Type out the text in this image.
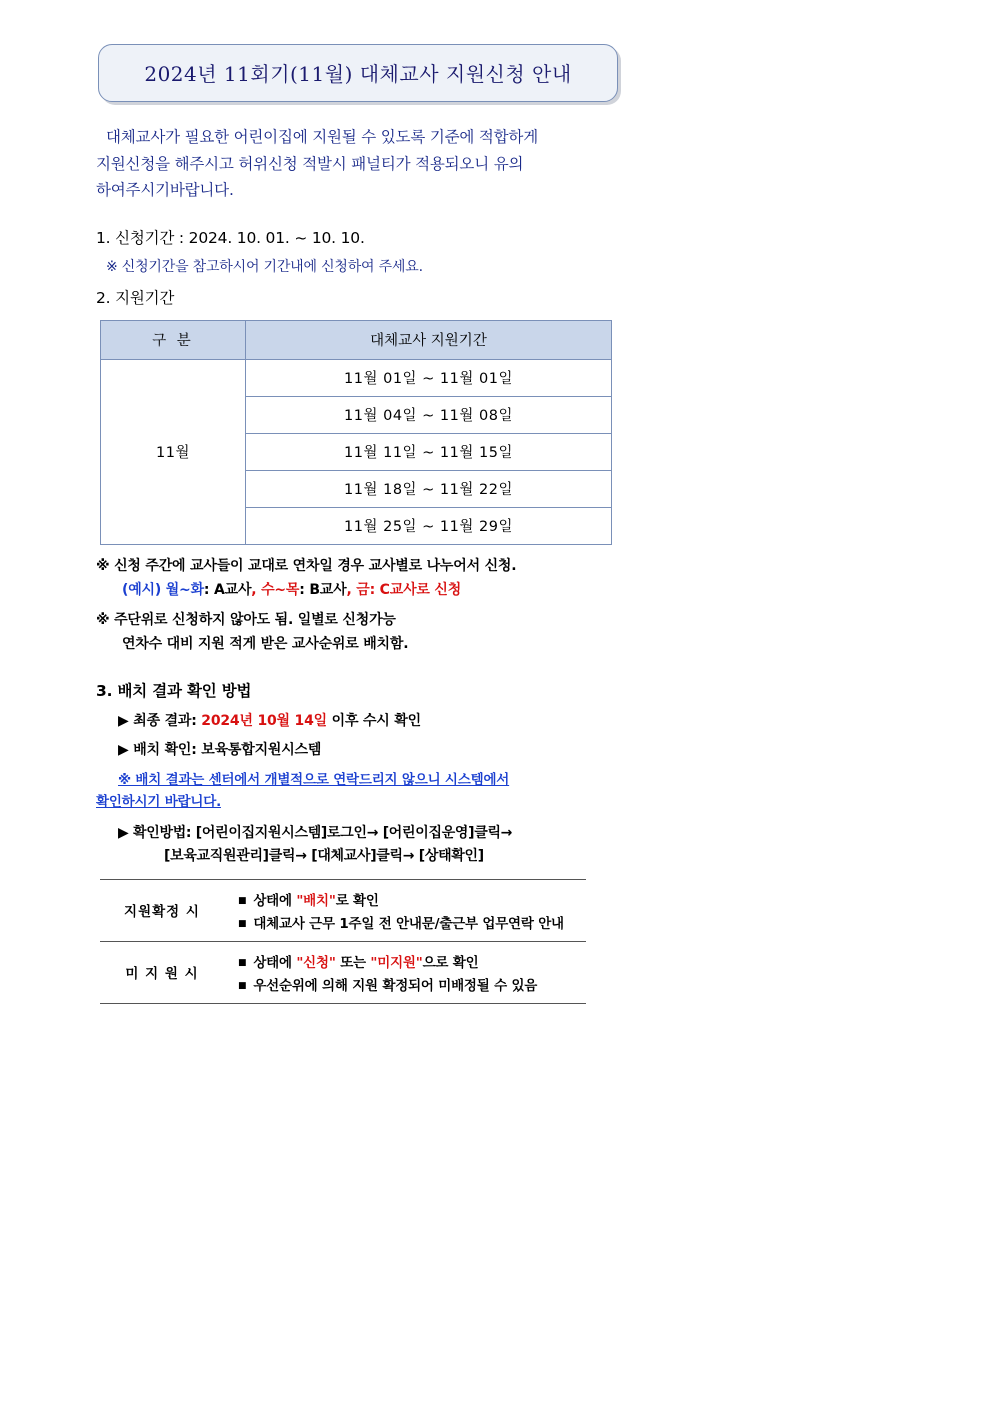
2024년 11회기(11월) 대체교사 지원신청 안내
대체교사가 필요한 어린이집에 지원될 수 있도록 기준에 적합하게
지원신청을 해주시고 허위신청 적발시 패널티가 적용되오니 유의
하여주시기바랍니다.
1. 신청기간 : 2024. 10. 01. ~ 10. 10.
※ 신청기간을 참고하시어 기간내에 신청하여 주세요.
2. 지원기간
구 분	대체교사 지원기간
11월	11월 01일 ~ 11월 01일
	11월 04일 ~ 11월 08일
	11월 11일 ~ 11월 15일
	11월 18일 ~ 11월 22일
	11월 25일 ~ 11월 29일
※ 신청 주간에 교사들이 교대로 연차일 경우 교사별로 나누어서 신청.
(예시) 월~화: A교사, 수~목: B교사, 금: C교사로 신청
※ 주단위로 신청하지 않아도 됨. 일별로 신청가능
연차수 대비 지원 적게 받은 교사순위로 배치함.
3. 배치 결과 확인 방법
▶ 최종 결과: 2024년 10월 14일 이후 수시 확인
▶ 배치 확인: 보육통합지원시스템
※ 배치 결과는 센터에서 개별적으로 연락드리지 않으니 시스템에서
확인하시기 바랍니다.
▶ 확인방법: [어린이집지원시스템]로그인→ [어린이집운영]클릭→
[보육교직원관리]클릭→ [대체교사]클릭→ [상태확인]
지원확정 시	■ 상태에 "배치"로 확인
■ 대체교사 근무 1주일 전 안내문/출근부 업무연락 안내

미 지 원 시	■ 상태에 "신청" 또는 "미지원"으로 확인
■ 우선순위에 의해 지원 확정되어 미배정될 수 있음
